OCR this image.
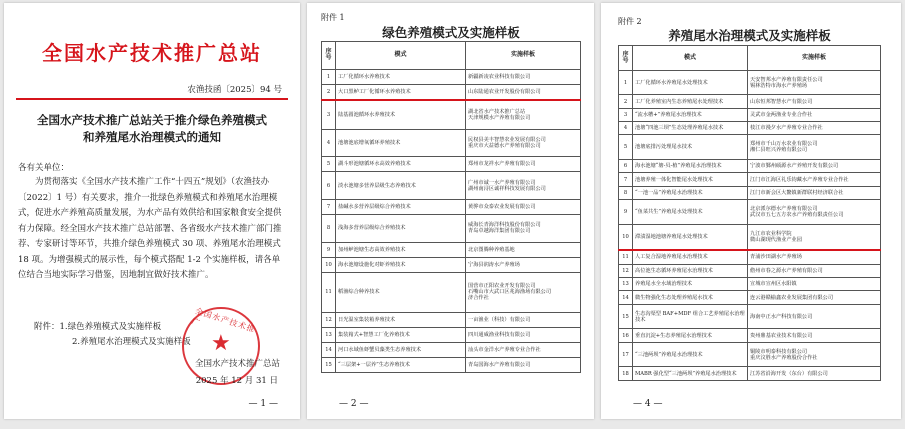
全国水产技术推广总站
农渔技函〔2025〕94 号
全国水产技术推广总站关于推介绿色养殖模式
和养殖尾水治理模式的通知
各有关单位：

为贯彻落实《全国水产技术推广工作“十四五”规划》（农渔技办〔2022〕1 号）有关要求，推介一批绿色养殖模式和养殖尾水治理模式，促进水产养殖高质量发展，为水产品有效供给和国家粮食安全提供有力保障。经全国水产技术推广总站部署、各省级水产技术推广部门推荐、专家研讨等环节，共推介绿色养殖模式 30 项、养殖尾水治理模式 18 项。为增强模式的展示性，每个模式搭配 1-2 个实施样板，请各单位结合当地实际学习借鉴，因地制宜做好技术推广。

附件：1.绿色养殖模式及实施样板
2.养殖尾水治理模式及实施样板
全国水产技术推广
★
全国水产技术推广总站
2025 年 12 月 31 日
— 1 —
附件 1
绿色养殖模式及实施样板
序号	模式	实施样板
1	工厂化循环水养殖技术	新疆新凌农业科技有限公司
2	大口黑鲈工厂化循环水养殖技术	山东陆通农业开发股份有限公司
3	陆基圆池循环水养殖技术	湖北省水产技术推广总站
天津规模水产养殖有限公司
4	池塘池底增氧循环养殖技术	民权县美丰智慧农业发展有限公司
重庆市大益德水产养殖有限公司
5	湖斗形池塘循环水高效养殖技术	郑州市龙祥水产养殖有限公司
6	淡水池塘多营养层级生态养殖技术	广州市诚一水产养殖有限公司
湖州南浔区诚祥科技发展有限公司
7	盐碱水多营养层级综合养殖技术	黄骅市众泰农业发展有限公司
8	浅海多营养层级综合养殖技术	威海长青海洋科技股份有限公司
青岛卓越海洋集团有限公司
9	加州鲈池塘生态高效养殖技术	北京图腾种养殖基地
10	海水池塘设施化对虾养殖技术	宁海县润涛水产养殖场
11	稻渔综合种养技术	国营市正阳农业开发有限公司
石嘴山市大武口区兆海渔场有限公司
济合作社
12	日光温室集装箱养殖技术	一亩渔业（科技）有限公司
13	集装箱式+智慧工厂化养殖技术	四川通威渔业科技有限公司
14	河口水域鱼虾蟹贝藻类生态养殖技术	汕头市金洋水产养殖专业合作社
15	“三层架+一层养”生态养殖技术	青岛国海水产养殖有限公司
— 2 —
附件 2
养殖尾水治理模式及实施样板
序号	模式	实施样板
1	工厂化循环水养殖尾水处理技术	天安智邦水产养殖有限责任公司
锡林浩特市海水产养殖场
2	工厂化养殖室内生态养殖尾水处理技术	山东恒邦智慧水产有限公司
3	“流水槽+”养殖尾水治理技术	灵武市金两渔业专业合作社
4	池塘“四池三坝”生态处理养殖尾水技术	枝江市漫夕水产养殖专业合作社
5	池塘底排污处理尾水技术	郑州市千山万水农业有限公司
湘仁县旺兴养殖有限公司
6	海水池塘“塘-贝-植”养殖尾水治理技术	宁波市鄞州硕源水产养殖开发有限公司
7	池塘养殖一体化智能尾水处理技术	江门市江海区礼乐钧藏水产养殖专业合作社
8	“一池一品”养殖尾水治理技术	江门市新会区大鳌镇新群联村经济联合社
9	“鱼菜共生”养殖尾水处理技术	北京派尔德水产养殖有限公司
武汉市五七五方农水产养殖有限责任公司
10	滞渍湿地池塘养殖尾水处理技术	九江市农业科学院
微山湖现代渔业产业园
11	人工复合湿地养殖尾水治理技术	青浦沙田湖水产养殖场
12	高位池生态循环养殖尾水治理技术	儋州市春之源水产养殖有限公司
13	养殖尾水全水域治理技术	宣城市宣州区水阳镇
14	微生物强化生态处理养殖尾水技术	连云港赣榆鑫农业发展集团有限公司
15	生态沟渠型 BAF+MDF 组合工艺养殖尾水治理技术	海南中正水产科技有限公司
16	垂直沉淀+生态养殖尾水治理技术	贵州鼎基农业技术有限公司
17	“三池两坝”养殖尾水治理技术	铜陵市明泰科技有限公司
重庆汶胜水产养殖股份合作社
18	MABR 强化型“三池两坝”养殖尾水治理技术	江苏省沿海开发（东台）有限公司
— 4 —
